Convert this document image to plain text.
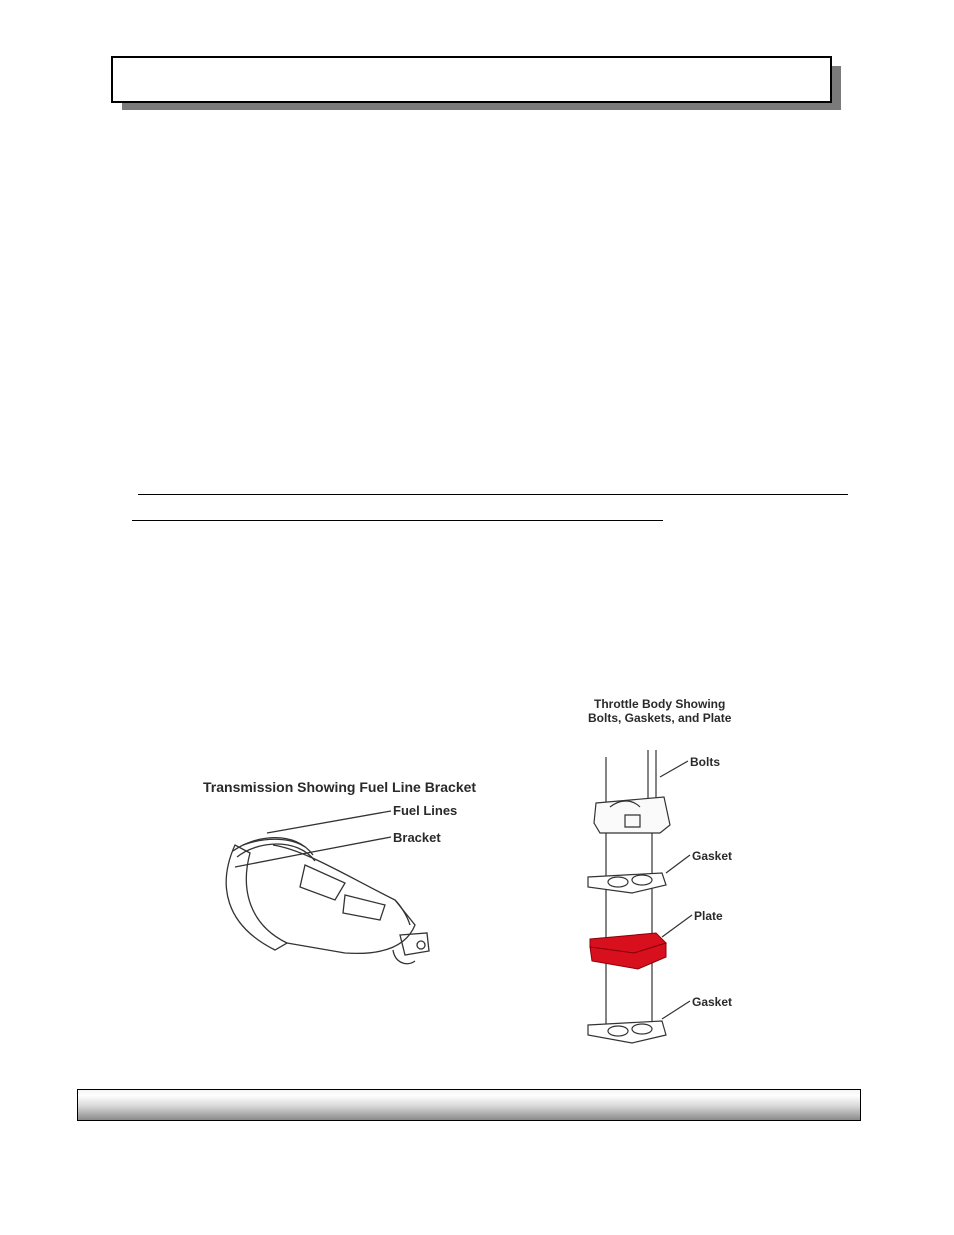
Transmission Showing Fuel Line Bracket
Fuel Lines
Bracket
Throttle Body Showing
Bolts, Gaskets, and Plate
Bolts
Gasket
Plate
Gasket
